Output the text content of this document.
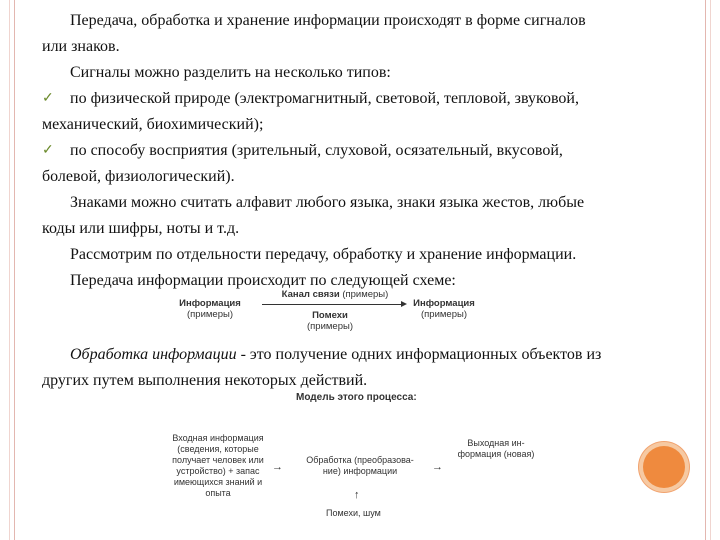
Передача, обработка и хранение информации происходят в форме сигналов

или знаков.

Сигналы можно разделить на несколько типов:

✓ по физической природе (электромагнитный, световой, тепловой, звуковой,

механический, биохимический);

✓ по способу восприятия (зрительный, слуховой, осязательный, вкусовой,

болевой, физиологический).

Знаками можно считать алфавит любого языка, знаки языка жестов, любые

коды или шифры, ноты и т.д.

Рассмотрим по отдельности передачу, обработку и хранение информации.

Передача информации происходит по следующей схеме:

Информация
(примеры)
Канал связи (примеры)
Помехи
(примеры)
Информация
(примеры)

Обработка информации - это получение одних информационных объектов из

других путем выполнения некоторых действий.

Модель этого процесса:
Входная информация
(сведения, которые
получает человек или
устройство) + запас
имеющихся знаний и
опыта
→
Обработка (преобразова-
ние) информации	→
Выходная ин-
формация (новая)
↑
Помехи, шум
